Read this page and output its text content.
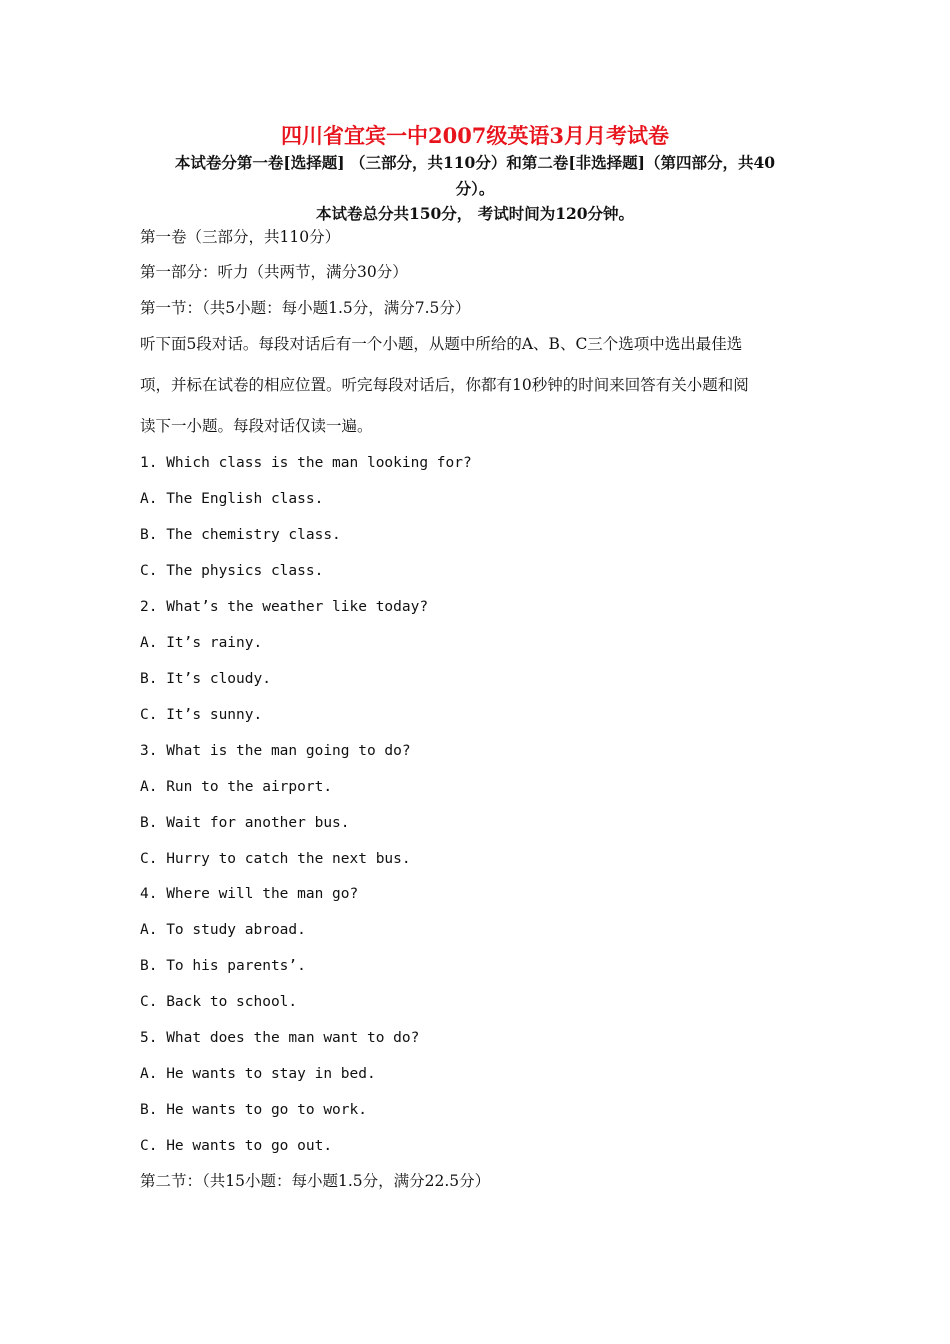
四川省宜宾一中2007级英语3月月考试卷
本试卷分第一卷[选择题] （三部分，共110分）和第二卷[非选择题]（第四部分，共40
分）。
本试卷总分共150分， 考试时间为120分钟。
第一卷（三部分，共110分）
第一部分：听力（共两节，满分30分）
第一节：（共5小题：每小题1.5分，满分7.5分）
听下面5段对话。每段对话后有一个小题，从题中所给的A、B、C三个选项中选出最佳选
项，并标在试卷的相应位置。听完每段对话后，你都有10秒钟的时间来回答有关小题和阅
读下一小题。每段对话仅读一遍。
1. Which class is the man looking for?
A. The English class.
B. The chemistry class.
C. The physics class.
2. What’s the weather like today?
A. It’s rainy.
B. It’s cloudy.
C. It’s sunny.
3. What is the man going to do?
A. Run to the airport.
B. Wait for another bus.
C. Hurry to catch the next bus.
4. Where will the man go?
A. To study abroad.
B. To his parents’.
C. Back to school.
5. What does the man want to do?
A. He wants to stay in bed.
B. He wants to go to work.
C. He wants to go out.
第二节：（共15小题：每小题1.5分，满分22.5分）
